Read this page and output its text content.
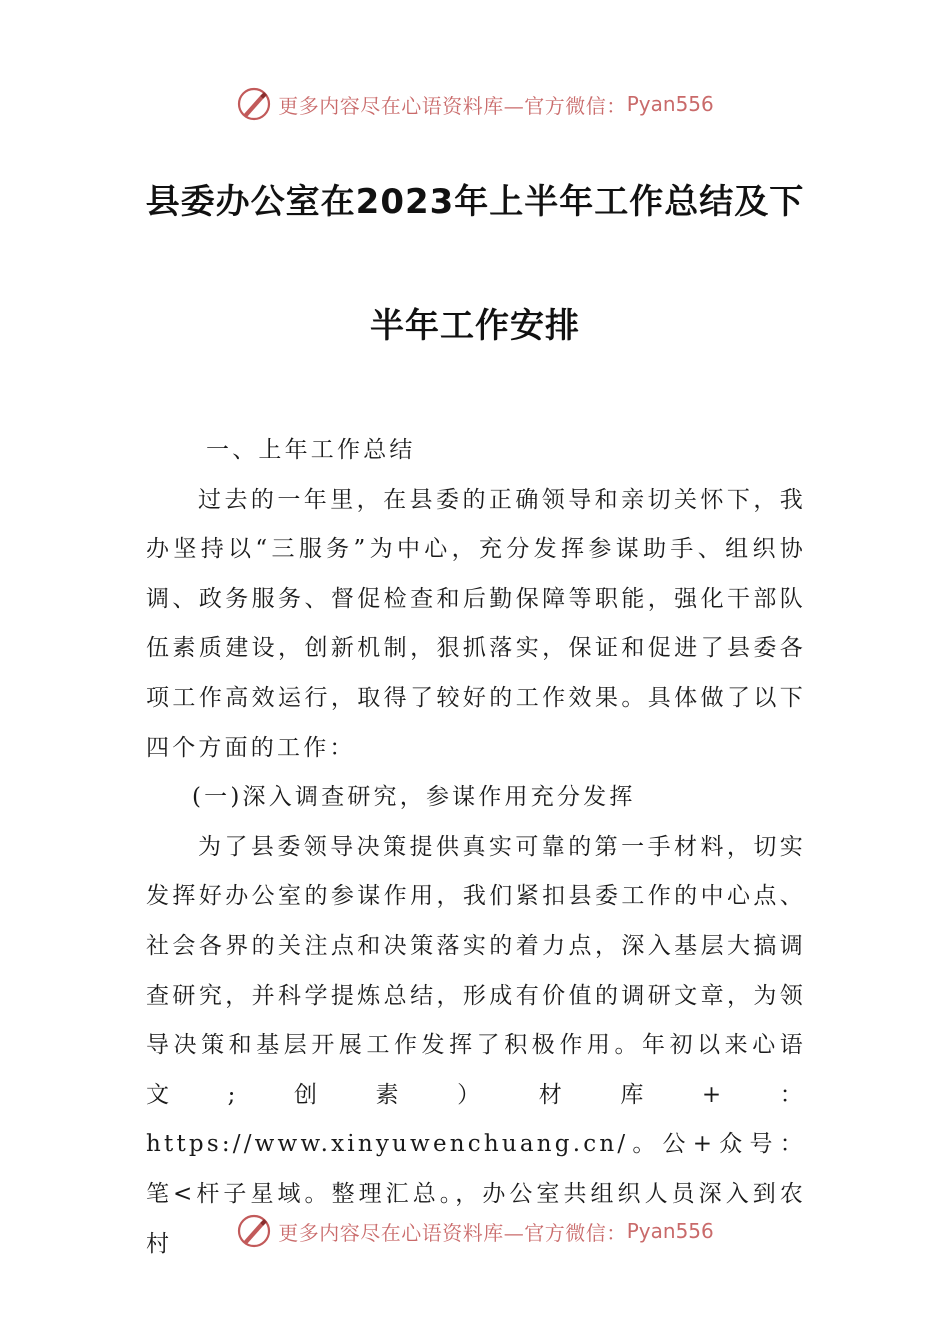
更多内容尽在心语资料库—官方微信： Pyan556
县委办公室在2023年上半年工作总结及下
半年工作安排

一、上年工作总结

过去的一年里，在县委的正确领导和亲切关怀下，我办坚持以“三服务”为中心，充分发挥参谋助手、组织协调、政务服务、督促检查和后勤保障等职能，强化干部队伍素质建设，创新机制，狠抓落实，保证和促进了县委各项工作高效运行，取得了较好的工作效果。具体做了以下四个方面的工作：

(一)深入调查研究，参谋作用充分发挥

为了县委领导决策提供真实可靠的第一手材料，切实发挥好办公室的参谋作用，我们紧扣县委工作的中心点、社会各界的关注点和决策落实的着力点，深入基层大搞调查研究，并科学提炼总结，形成有价值的调研文章，为领导决策和基层开展工作发挥了积极作用。年初以来心语文;创素）材库+：https://www.xinyuwenchuang.cn/。公+众号：笔<杆子星域。整理汇总。，办公室共组织人员深入到农村	更多内容尽在心语资料库—官方微信： Pyan556
